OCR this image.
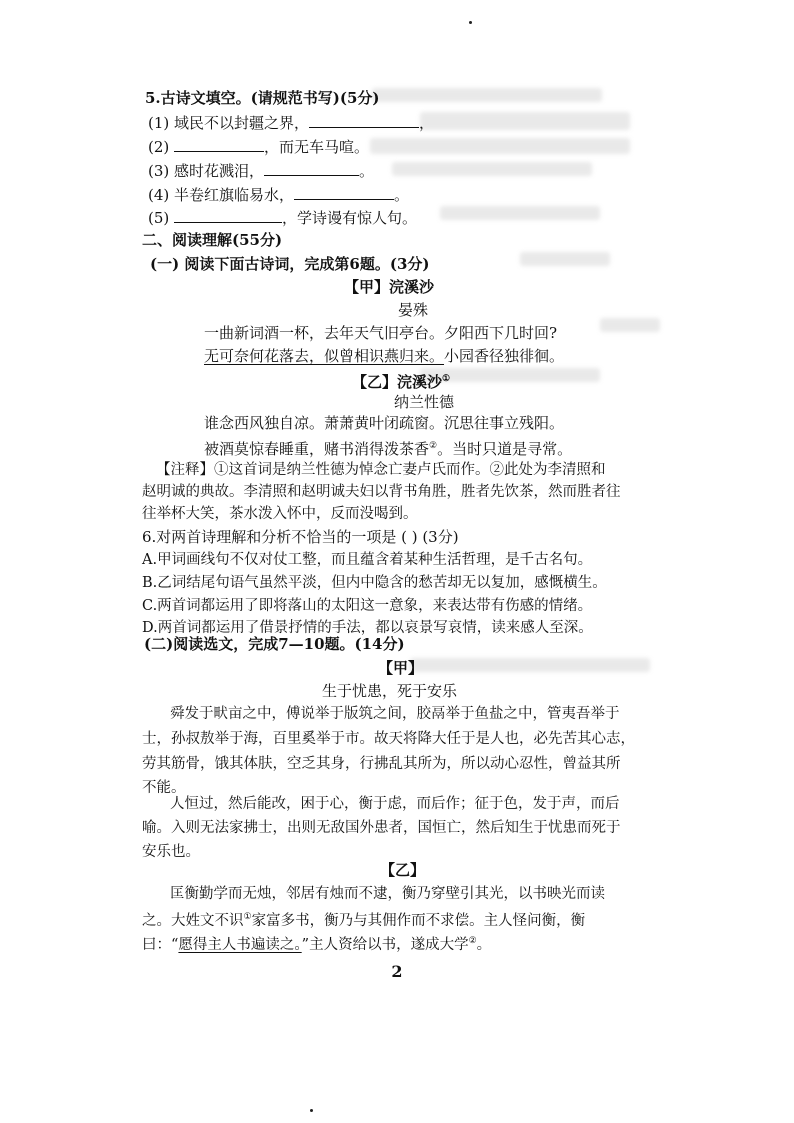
5.古诗文填空。(请规范书写)(5分)
(1) 域民不以封疆之界，	，
(2)	，而无车马喧。
(3) 感时花溅泪，	。
(4) 半卷红旗临易水，	。
(5)	，学诗谩有惊人句。
二、阅读理解(55分)
(一) 阅读下面古诗词，完成第6题。(3分)
【甲】浣溪沙
晏殊
一曲新词酒一杯，去年天气旧亭台。夕阳西下几时回?
无可奈何花落去，似曾相识燕归来。小园香径独徘徊。
【乙】浣溪沙①
纳兰性德
谁念西风独自凉。萧萧黄叶闭疏窗。沉思往事立残阳。
被酒莫惊春睡重，赌书消得泼茶香②。当时只道是寻常。
【注释】①这首词是纳兰性德为悼念亡妻卢氏而作。②此处为李清照和
赵明诚的典故。李清照和赵明诚夫妇以背书角胜，胜者先饮茶，然而胜者往
往举杯大笑，茶水泼入怀中，反而没喝到。
6.对两首诗理解和分析不恰当的一项是 ( ) (3分)
A.甲词画线句不仅对仗工整，而且蕴含着某种生活哲理，是千古名句。
B.乙词结尾句语气虽然平淡，但内中隐含的愁苦却无以复加，感慨横生。
C.两首词都运用了即将落山的太阳这一意象，来表达带有伤感的情绪。
D.两首词都运用了借景抒情的手法，都以哀景写哀情，读来感人至深。
(二)阅读选文，完成7—10题。(14分)
【甲】
生于忧患，死于安乐
舜发于畎亩之中，傅说举于版筑之间，胶鬲举于鱼盐之中，管夷吾举于
士，孙叔敖举于海，百里奚举于市。故天将降大任于是人也，必先苦其心志，
劳其筋骨，饿其体肤，空乏其身，行拂乱其所为，所以动心忍性，曾益其所
不能。
人恒过，然后能改，困于心，衡于虑，而后作；征于色，发于声，而后
喻。入则无法家拂士，出则无敌国外患者，国恒亡，然后知生于忧患而死于
安乐也。
【乙】
匡衡勤学而无烛，邻居有烛而不逮，衡乃穿壁引其光，以书映光而读
之。大姓文不识①家富多书，衡乃与其佣作而不求偿。主人怪问衡，衡
曰：“愿得主人书遍读之。”主人资给以书，遂成大学②。
2
